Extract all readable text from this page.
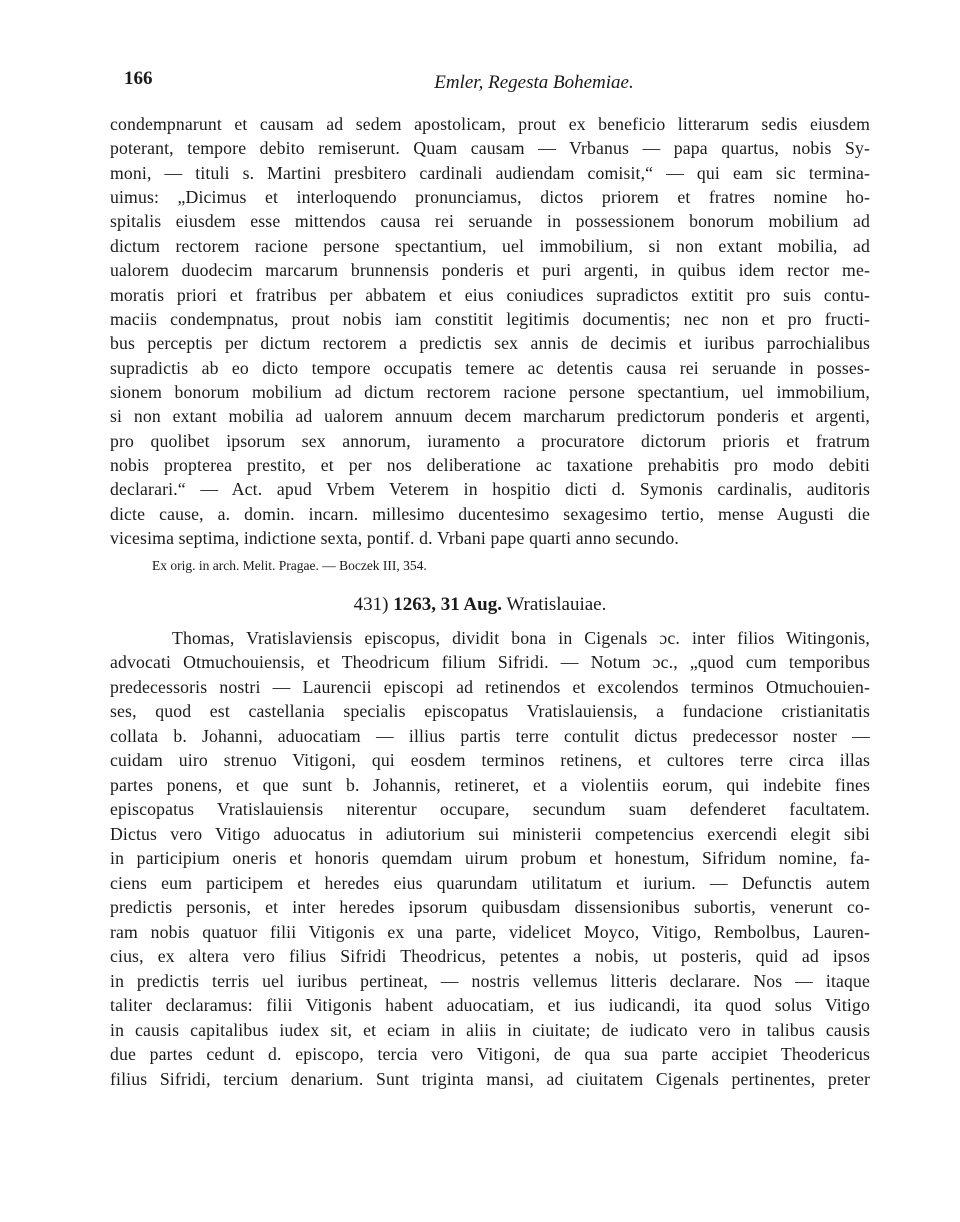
166	Emler, Regesta Bohemiae.
condempnarunt et causam ad sedem apostolicam, prout ex beneficio litterarum sedis eiusdem
poterant, tempore debito remiserunt. Quam causam — Vrbanus — papa quartus, nobis Sy-
moni, — tituli s. Martini presbitero cardinali audiendam comisit,“ — qui eam sic termina-
uimus: „Dicimus et interloquendo pronunciamus, dictos priorem et fratres nomine ho-
spitalis eiusdem esse mittendos causa rei seruande in possessionem bonorum mobilium ad
dictum rectorem racione persone spectantium, uel immobilium, si non extant mobilia, ad
ualorem duodecim marcarum brunnensis ponderis et puri argenti, in quibus idem rector me-
moratis priori et fratribus per abbatem et eius coniudices supradictos extitit pro suis contu-
maciis condempnatus, prout nobis iam constitit legitimis documentis; nec non et pro fructi-
bus perceptis per dictum rectorem a predictis sex annis de decimis et iuribus parrochialibus
supradictis ab eo dicto tempore occupatis temere ac detentis causa rei seruande in posses-
sionem bonorum mobilium ad dictum rectorem racione persone spectantium, uel immobilium,
si non extant mobilia ad ualorem annuum decem marcharum predictorum ponderis et argenti,
pro quolibet ipsorum sex annorum, iuramento a procuratore dictorum prioris et fratrum
nobis propterea prestito, et per nos deliberatione ac taxatione prehabitis pro modo debiti
declarari.“ — Act. apud Vrbem Veterem in hospitio dicti d. Symonis cardinalis, auditoris
dicte cause, a. domin. incarn. millesimo ducentesimo sexagesimo tertio, mense Augusti die
vicesima septima, indictione sexta, pontif. d. Vrbani pape quarti anno secundo.
Ex orig. in arch. Melit. Pragae. — Boczek III, 354.
431) 1263, 31 Aug. Wratislauiae.
Thomas, Vratislaviensis episcopus, dividit bona in Cigenals ɔc. inter filios Witingonis,
advocati Otmuchouiensis, et Theodricum filium Sifridi. — Notum ɔc., „quod cum temporibus
predecessoris nostri — Laurencii episcopi ad retinendos et excolendos terminos Otmuchouien-
ses, quod est castellania specialis episcopatus Vratislauiensis, a fundacione cristianitatis
collata b. Johanni, aduocatiam — illius partis terre contulit dictus predecessor noster —
cuidam uiro strenuo Vitigoni, qui eosdem terminos retinens, et cultores terre circa illas
partes ponens, et que sunt b. Johannis, retineret, et a violentiis eorum, qui indebite fines
episcopatus Vratislauiensis niterentur occupare, secundum suam defenderet facultatem.
Dictus vero Vitigo aduocatus in adiutorium sui ministerii competencius exercendi elegit sibi
in participium oneris et honoris quemdam uirum probum et honestum, Sifridum nomine, fa-
ciens eum participem et heredes eius quarundam utilitatum et iurium. — Defunctis autem
predictis personis, et inter heredes ipsorum quibusdam dissensionibus subortis, venerunt co-
ram nobis quatuor filii Vitigonis ex una parte, videlicet Moyco, Vitigo, Rembolbus, Lauren-
cius, ex altera vero filius Sifridi Theodricus, petentes a nobis, ut posteris, quid ad ipsos
in predictis terris uel iuribus pertineat, — nostris vellemus litteris declarare. Nos — itaque
taliter declaramus: filii Vitigonis habent aduocatiam, et ius iudicandi, ita quod solus Vitigo
in causis capitalibus iudex sit, et eciam in aliis in ciuitate; de iudicato vero in talibus causis
due partes cedunt d. episcopo, tercia vero Vitigoni, de qua sua parte accipiet Theodericus
filius Sifridi, tercium denarium. Sunt triginta mansi, ad ciuitatem Cigenals pertinentes, preter
